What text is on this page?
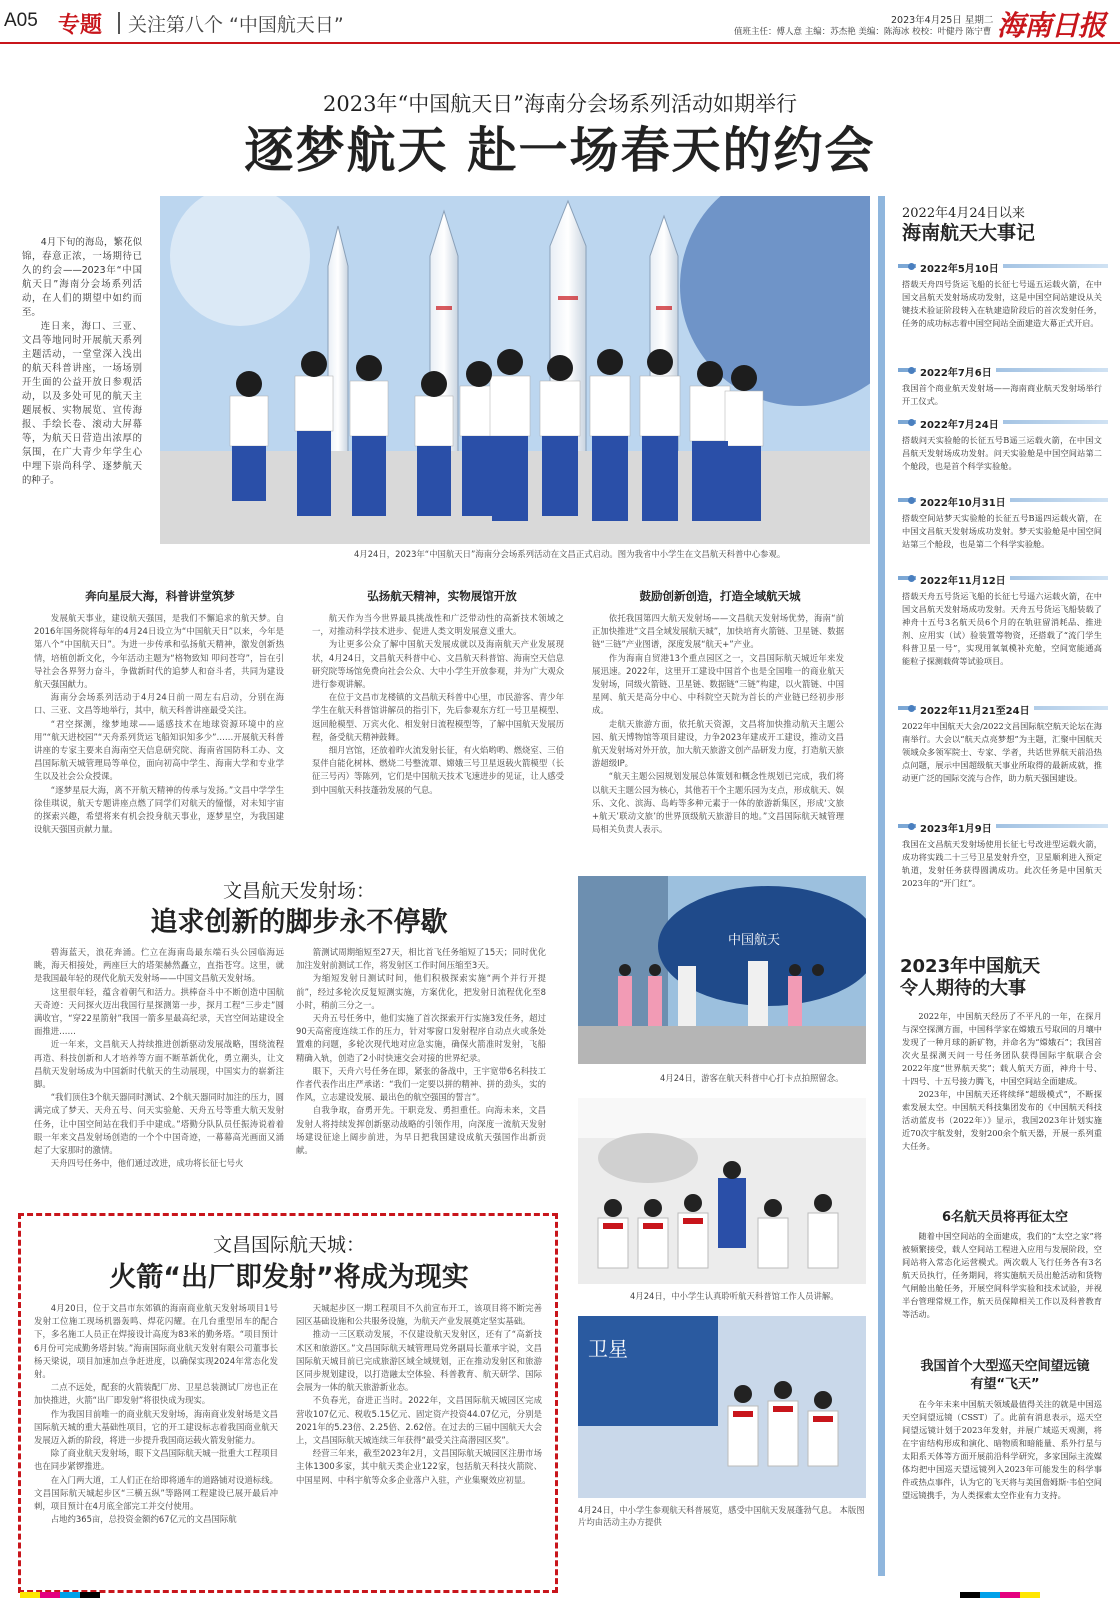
A05 专题 关注第八个 “中国航天日”	2023年4月25日 星期二
值班主任：傅人意 主编：苏杰艳 美编：陈海冰 校校：叶健丹 陈宁曹 海南日报
2023年“中国航天日”海南分会场系列活动如期举行
逐梦航天 赴一场春天的约会

4月下旬的海岛，繁花似锦，春意正浓，一场期待已久的约会——2023年“中国航天日”海南分会场系列活动，在人们的期望中如约而至。

连日来，海口、三亚、文昌等地同时开展航天系列主题活动，一堂堂深入浅出的航天科普讲座，一场场别开生面的公益开放日参观活动，以及多处可见的航天主题展板、实物展览、宣传海报、手绘长卷、滚动大屏幕等，为航天日营造出浓厚的氛围，在广大青少年学生心中埋下崇尚科学、逐梦航天的种子。

4月24日，2023年“中国航天日”海南分会场系列活动在文昌正式启动。图为我省中小学生在文昌航天科普中心参观。
奔向星辰大海，科普讲堂筑梦	弘扬航天精神，实物展馆开放	鼓励创新创造，打造全域航天城

发展航天事业，建设航天强国，是我们不懈追求的航天梦。自2016年国务院将每年的4月24日设立为“中国航天日”以来，今年是第八个“中国航天日”。为进一步传承和弘扬航天精神，激发创新热情，培植创新文化，今年活动主题为“格物致知 叩问苍穹”，旨在引导社会各界努力奋斗，争做新时代的追梦人和奋斗者，共同为建设航天强国献力。

海南分会场系列活动于4月24日前一周左右启动，分别在海口、三亚、文昌等地举行，其中，航天科普讲座最受关注。

“君空探测，缘梦地球——遥感技术在地球资源环境中的应用”“航天进校园”“天舟系列货运飞船知识知多少”……开展航天科普讲座的专家主要来自海南空天信息研究院、海南省国防科工办、文昌国际航天城管理局等单位，面向初高中学生、海南大学和专业学生以及社会公众授课。

“逐梦星辰大海，离不开航天精神的传承与发扬。”文昌中学学生徐佳琪说，航天专题讲座点燃了同学们对航天的憧憬，对未知宇宙的探索兴趣，希望将来有机会投身航天事业，逐梦星空，为我国建设航天强国贡献力量。

航天作为当今世界最具挑战性和广泛带动性的高新技术领域之一，对推动科学技术进步、促进人类文明发展意义重大。

为让更多公众了解中国航天发展成就以及海南航天产业发展现状，4月24日，文昌航天科普中心、文昌航天科普馆、海南空天信息研究院等场馆免费向社会公众、大中小学生开放参观，并为广大观众进行参观讲解。

在位于文昌市龙楼镇的文昌航天科普中心里，市民游客、青少年学生在航天科普馆讲解员的指引下，先后参观东方红一号卫星模型、返回舱模型、万宾火化、相发射日流程模型等，了解中国航天发展历程，备受航天精神鼓舞。

细月宫馆，还放着昨火流发射长征，有火焰哟哟、燃烧室、三伯泵伴自能化树林、燃烧二号整流罩、嫦娥三号卫星返载火箭模型（长征三号丙）等陈列，它们是中国航天技术飞速进步的见证，让人感受到中国航天科技蓬勃发展的气息。

依托我国第四大航天发射场——文昌航天发射场优势，海南“前正加快推进“文昌全域发展航天城”，加快培育火箭链、卫星链、数据链“三链”产业图谱，深度发展“航天+”产业。

作为海南自贸港13个重点园区之一，文昌国际航天城近年来发展迅速。2022年，这里开工建设中国首个也是全国唯一的商业航天发射场，同级火箭链、卫星链、数据链“三链”构建，以火箭链、中国星网、航天是高分中心、中科院空天院为首长的产业链已经初步形成。

走航天旅游方面，依托航天资源，文昌将加快推动航天主题公园、航天博物馆等项目建设，力争2023年建成开工建设，推动文昌航天发射场对外开放，加大航天旅游文创产品研发力度，打造航天旅游超级IP。

“航天主题公园规划发展总体策划和概念性规划已完成，我们将以航天主题公园为核心，其他若干个主题乐园为支点，形成航天、娱乐、文化、滨海、岛屿等多种元素于一体的旅游新集区，形成‘文旅+航天’联动文旅’的世界顶级航天旅游目的地。”文昌国际航天城管理局相关负责人表示。

文昌航天发射场：
追求创新的脚步永不停歇

碧海蓝天，浪花奔涌。伫立在海南岛最东端石头公园临海远眺，海天相接处，两座巨大的塔架赫然矗立，直指苍穹。这里，就是我国最年轻的现代化航天发射场——中国文昌航天发射场。

这里很年轻，蕴含着朝气和活力。拱棒奋斗中不断创造中国航天奇迹：天问探火迈出我国行星探测第一步，探月工程“三步走”圆满收官，“穿22星箭射”我国一箭多星最高纪录，天宫空间站建设全面推进……

近一年来，文昌航天人持续推进创新驱动发展战略，围绕流程再造、科技创新和人才培养等方面不断革新优化，勇立潮头，让文昌航天发射场成为中国新时代航天的生动展现，中国实力的崭新注脚。

“我们顶住3个航天器同时测试、2个航天器同时加注的压力，圆满完成了梦天、天舟五号、问天实验舱、天舟五号等重大航天发射任务，让中国空间站在我们手中建成。”塔勤分队队员任振涛说着着眼一年来文昌发射场创造的一个个中国奇迹，一幕幕高光画面又涌起了大家那时的激情。

天舟四号任务中，他们通过改进，成功将长征七号火

箭测试周期缩短至27天，相比首飞任务缩短了15天；同时优化加注发射前测试工作，将发射区工作时间压缩至3天。

为缩短发射日测试时间，他们积极探索实施“两个并行开提前”，经过多轮次反复短测实施，方案优化，把发射日流程优化至8小时，稍前三分之一。

天舟五号任务中，他们实施了首次探索开行实施3发任务，超过90天高密度连续工作的压力，针对零窗口发射程序自动点火或条处置难的问题，多轮次现代地对应急实施，确保火箭准时发射，飞船精确入轨，创造了2小时快速交会对接的世界纪录。

眼下，天舟六号任务在即，紧张的备战中，王宇宽带6名科技工作者代表作出庄严承诺：“我们一定要以拼的精神、拼的劲头，实的作风，立志建设发展、最出色的航空强国的誓言”。

自我争取，奋勇开先。干职竞发、勇担重任。向海未来，文昌发射人将持续发挥创新驱动战略的引领作用，向深度一流航天发射场建设征途上阔步前进，为早日把我国建设成航天强国作出新贡献。

文昌国际航天城：
火箭“出厂即发射”将成为现实

4月20日，位于文昌市东郊镇的海南商业航天发射场项目1号发射工位施工现场机器轰鸣、焊花闪耀。在几台重型吊车的配合下，多名施工人员正在焊接设计高度为83米的勤务塔。“项目预计6月份可完成勤务塔封装。”海南国际商业航天发射有限公司董事长杨天梁说，项目加速加点争赶进度，以确保实现2024年常态化发射。

二点不远处，配套的火箭装配厂房、卫星总装测试厂房也正在加快推进，火箭“出厂即发射”将很快成为现实。

作为我国目前唯一的商业航天发射场，海南商业发射场是文昌国际航天城的重大基础性项目，它的开工建设标志着我国商业航天发展迈入新的阶段，将进一步提升我国商运载火箭发射能力。

除了商业航天发射场，眼下文昌国际航天城一批重大工程项目也在同步紧锣推进。

在入门两大道，工人们正在给即将通车的道路铺对设道标线。文昌国际航天城起步区“三横五纵”等路网工程建设已展开最后冲刺，项目预计在4月底全部完工并交付使用。

占地约365亩，总投资金额约67亿元的文昌国际航

天城起步区一期工程项目不久前宣布开工，该项目将不断完善园区基础设施和公共服务设施，为航天产业发展奠定坚实基础。

推动一三区联动发展，不仅建设航天发射区，还有了“高新技术区和旅游区。”文昌国际航天城管理局党务副局长董承宇说，文昌国际航天城目前已完成旅游区域全域规划，正在推动发射区和旅游区同步规划建设，以打造融太空体验、科普教育、航天研学、国际会展为一体的航天旅游新业态。

不负春光，奋进正当时。2022年，文昌国际航天城园区完成营收107亿元、税收5.15亿元、固定资产投资44.07亿元，分别是2021年的5.23倍、2.25倍、2.62倍。在过去的三届中国航天大会上，文昌国际航天城连续三年获得“最受关注高潜园区奖”。

经营三年来，截至2023年2月，文昌国际航天城园区注册市场主体1300多家，其中航天类企业122家，包括航天科技火箭院、中国星网、中科宇航等众多企业落户入驻，产业集聚效应初显。

中国航天
4月24日，游客在航天科普中心打卡点拍照留念。
4月24日，中小学生认真聆听航天科普馆工作人员讲解。
卫星
4月24日，中小学生参观航天科普展览，感受中国航天发展蓬勃气息。 本版图片均由活动主办方提供
2022年4月24日以来
海南航天大事记
2022年5月10日
搭载天舟四号货运飞船的长征七号遥五运载火箭，在中国文昌航天发射场成功发射，这是中国空间站建设从关键技术验证阶段转入在轨建造阶段后的首次发射任务，任务的成功标志着中国空间站全面建造大幕正式开启。
2022年7月6日
我国首个商业航天发射场——海南商业航天发射场举行开工仪式。
2022年7月24日
搭载问天实验舱的长征五号B遥三运载火箭，在中国文昌航天发射场成功发射。问天实验舱是中国空间站第二个舱段，也是首个科学实验舱。
2022年10月31日
搭载空间站梦天实验舱的长征五号B遥四运载火箭，在中国文昌航天发射场成功发射。梦天实验舱是中国空间站第三个舱段，也是第二个科学实验舱。
2022年11月12日
搭载天舟五号货运飞船的长征七号遥六运载火箭，在中国文昌航天发射场成功发射。天舟五号货运飞船装载了神舟十五号3名航天员6个月的在轨驻留消耗品、推进剂、应用实（试）验装置等物资，还搭载了“流门学生科普卫星一号”，实现用氧氧模补充舱，空间宽能通高能粒子探测载荷等试验项目。
2022年11月21至24日
2022年中国航天大会/2022文昌国际航空航天论坛在海南举行。大会以“航天点亮梦想”为主题，汇聚中国航天领域众多领军院士、专家、学者，共话世界航天前沿热点问题，展示中国超级航天事业所取得的最新成就，推动更广泛的国际交流与合作，助力航天强国建设。
2023年1月9日
我国在文昌航天发射场使用长征七号改进型运载火箭，成功将实践二十三号卫星发射升空，卫星顺利进入预定轨道，发射任务获得圆满成功。此次任务是中国航天2023年的“开门红”。
2023年中国航天
令人期待的大事

2022年，中国航天经历了不平凡的一年，在探月与深空探测方面，中国科学家在嫦娥五号取回的月壤中发现了一种月球的新矿物，并命名为“嫦娥石”；我国首次火星探测天问一号任务团队获得国际宇航联合会2022年度“世界航天奖”；载人航天方面，神舟十号、十四号、十五号接力腾飞，中国空间站全面建成。

2023年，中国航天还将续绎“超级模式”，不断探索发展太空。中国航天科技集团发布的《中国航天科技活动蓝皮书（2022年）》显示，我国2023年计划实施近70次宇航发射，发射200余个航天器，开展一系列重大任务。

6名航天员将再征太空

随着中国空间站的全面建成，我们的“太空之家”将被频繁接受，载人空间站工程进入应用与发展阶段，空间站将入常态化运营模式。两次载人飞行任务各有3名航天员执行，任务期间，将实施航天员出舱活动和货物气闸舱出舱任务，开展空间科学实验和技术试验，并视半台管理常规工作，航天员保障相关工作以及科普教育等活动。

我国首个大型巡天空间望远镜
有望“飞天”

在今年未来中国航天领域最值得关注的就是中国巡天空间望远镜（CSST）了。此前有消息表示，巡天空间望远镜计划于2023年发射，并展广域巡天观测，将在宇宙结构形成和演化、暗物质和暗能量、系外行星与太阳系天体等方面开展前沿科学研究，多家国际主流媒体均把中国巡天望远镜列入2023年可能发生的科学事件或热点事件，认为它的飞天将与美国詹姆斯·韦伯空间望远镜携手，为人类探索太空作业有力支持。
